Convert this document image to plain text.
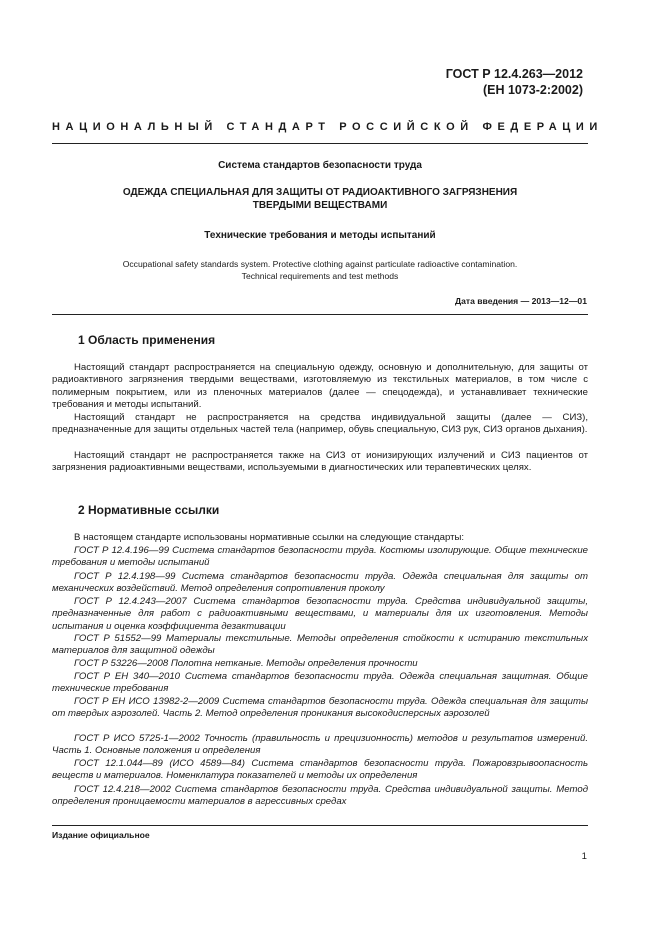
ГОСТ Р 12.4.263—2012
(ЕН 1073-2:2002)
НАЦИОНАЛЬНЫЙ СТАНДАРТ РОССИЙСКОЙ ФЕДЕРАЦИИ
Система стандартов безопасности труда
ОДЕЖДА СПЕЦИАЛЬНАЯ ДЛЯ ЗАЩИТЫ ОТ РАДИОАКТИВНОГО ЗАГРЯЗНЕНИЯ
ТВЕРДЫМИ ВЕЩЕСТВАМИ
Технические требования и методы испытаний
Occupational safety standards system. Protective clothing against particulate radioactive contamination.
Technical requirements and test methods
Дата введения — 2013—12—01
1 Область применения

Настоящий стандарт распространяется на специальную одежду, основную и дополнительную, для защиты от радиоактивного загрязнения твердыми веществами, изготовляемую из текстильных материалов, в том числе с полимерным покрытием, или из пленочных материалов (далее — спецодежда), и устанавливает технические требования и методы испытаний.

Настоящий стандарт не распространяется на средства индивидуальной защиты (далее — СИЗ), предназначенные для защиты отдельных частей тела (например, обувь специальную, СИЗ рук, СИЗ органов дыхания).

Настоящий стандарт не распространяется также на СИЗ от ионизирующих излучений и СИЗ пациентов от загрязнения радиоактивными веществами, используемыми в диагностических или терапевтических целях.

2 Нормативные ссылки

В настоящем стандарте использованы нормативные ссылки на следующие стандарты:

ГОСТ Р 12.4.196—99 Система стандартов безопасности труда. Костюмы изолирующие. Общие технические требования и методы испытаний

ГОСТ Р 12.4.198—99 Система стандартов безопасности труда. Одежда специальная для защиты от механических воздействий. Метод определения сопротивления проколу

ГОСТ Р 12.4.243—2007 Система стандартов безопасности труда. Средства индивидуальной защиты, предназначенные для работ с радиоактивными веществами, и материалы для их изготовления. Методы испытания и оценка коэффициента дезактивации

ГОСТ Р 51552—99 Материалы текстильные. Методы определения стойкости к истиранию текстильных материалов для защитной одежды

ГОСТ Р 53226—2008 Полотна нетканые. Методы определения прочности

ГОСТ Р ЕН 340—2010 Система стандартов безопасности труда. Одежда специальная защитная. Общие технические требования

ГОСТ Р ЕН ИСО 13982-2—2009 Система стандартов безопасности труда. Одежда специальная для защиты от твердых аэрозолей. Часть 2. Метод определения проникания высокодисперсных аэрозолей

ГОСТ Р ИСО 5725-1—2002 Точность (правильность и прецизионность) методов и результатов измерений. Часть 1. Основные положения и определения

ГОСТ 12.1.044—89 (ИСО 4589—84) Система стандартов безопасности труда. Пожаровзрывоопасность веществ и материалов. Номенклатура показателей и методы их определения

ГОСТ 12.4.218—2002 Система стандартов безопасности труда. Средства индивидуальной защиты. Метод определения проницаемости материалов в агрессивных средах

Издание официальное
1
